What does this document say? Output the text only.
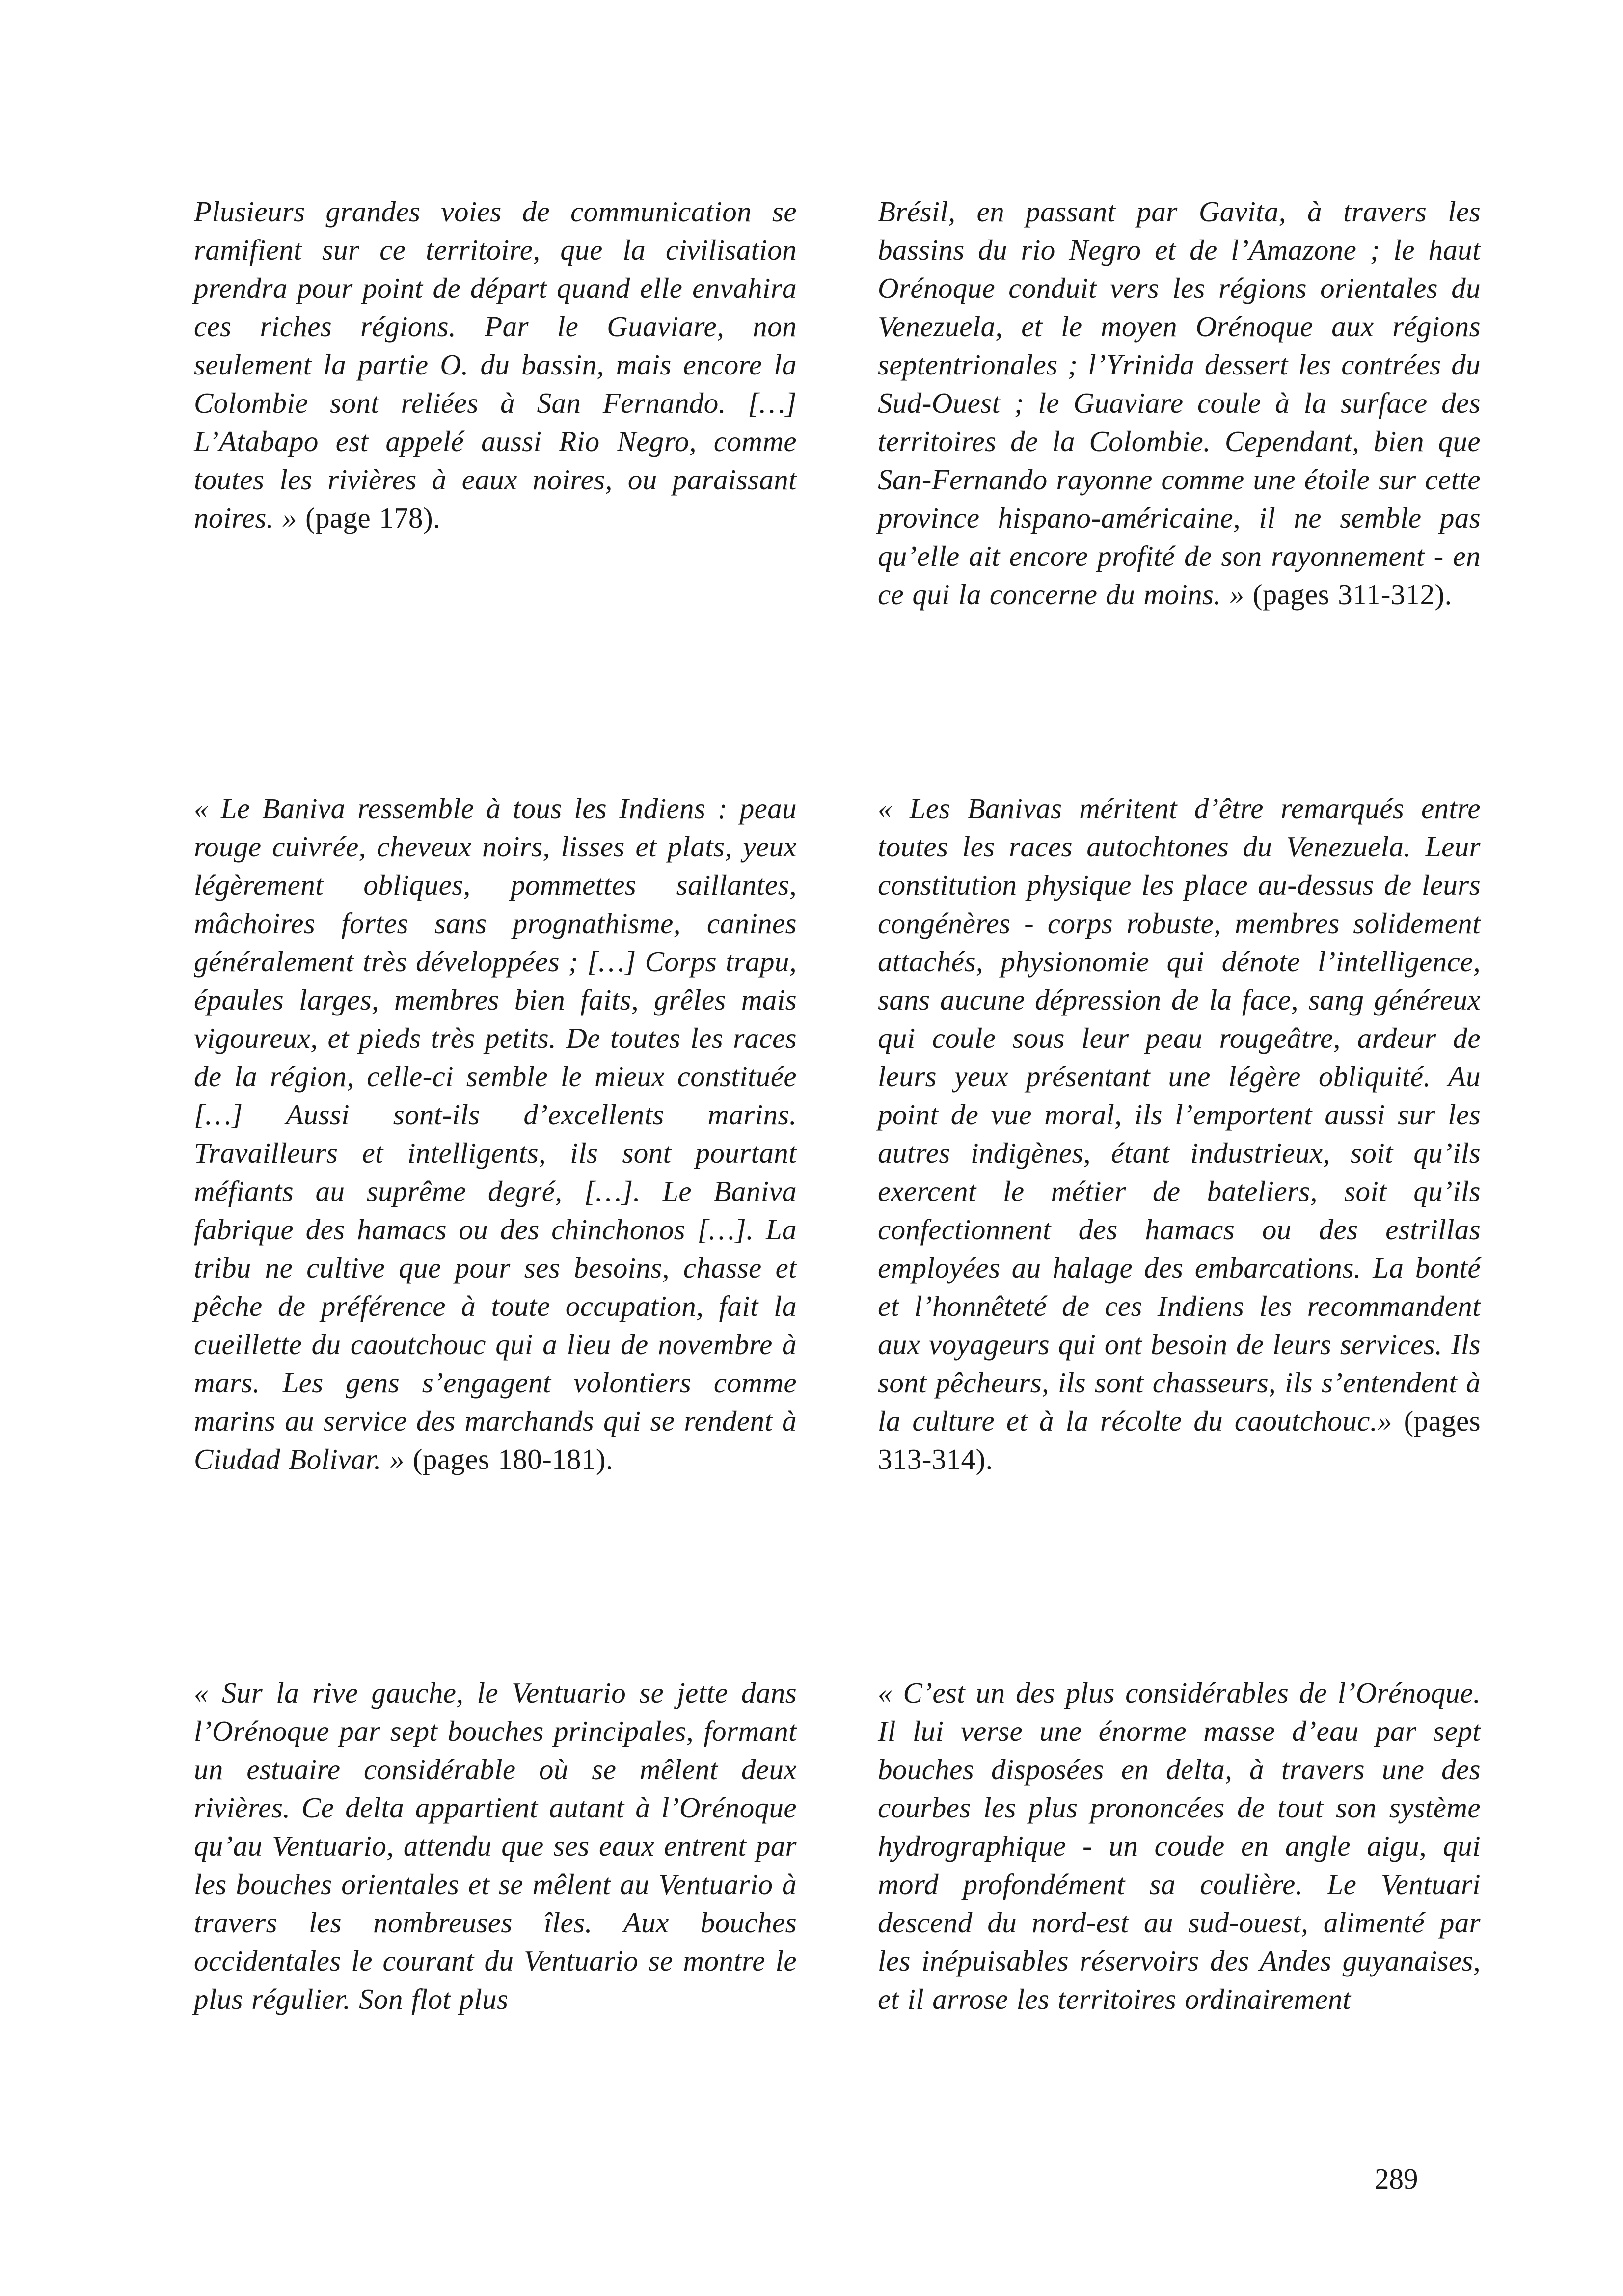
Plusieurs grandes voies de communication se ramifient sur ce territoire, que la civilisation prendra pour point de départ quand elle envahira ces riches régions. Par le Guaviare, non seulement la partie O. du bassin, mais encore la Colombie sont reliées à San Fernando. […] L’Atabapo est appelé aussi Rio Negro, comme toutes les rivières à eaux noires, ou paraissant noires. » (page 178).

Brésil, en passant par Gavita, à travers les bassins du rio Negro et de l’Amazone ; le haut Orénoque conduit vers les régions orientales du Venezuela, et le moyen Orénoque aux régions septentrionales ; l’Yrinida dessert les contrées du Sud-Ouest ; le Guaviare coule à la surface des territoires de la Colombie. Cependant, bien que San-Fernando rayonne comme une étoile sur cette province hispano-américaine, il ne semble pas qu’elle ait encore profité de son rayonnement - en ce qui la concerne du moins. » (pages 311-312).

« Le Baniva ressemble à tous les Indiens : peau rouge cuivrée, cheveux noirs, lisses et plats, yeux légèrement obliques, pommettes saillantes, mâchoires fortes sans prognathisme, canines généralement très développées ; […] Corps trapu, épaules larges, membres bien faits, grêles mais vigoureux, et pieds très petits. De toutes les races de la région, celle-ci semble le mieux constituée […] Aussi sont-ils d’excellents marins. Travailleurs et intelligents, ils sont pourtant méfiants au suprême degré, […]. Le Baniva fabrique des hamacs ou des chinchonos […]. La tribu ne cultive que pour ses besoins, chasse et pêche de préférence à toute occupation, fait la cueillette du caoutchouc qui a lieu de novembre à mars. Les gens s’engagent volontiers comme marins au service des marchands qui se rendent à Ciudad Bolivar. » (pages 180-181).

« Les Banivas méritent d’être remarqués entre toutes les races autochtones du Venezuela. Leur constitution physique les place au-dessus de leurs congénères - corps robuste, membres solidement attachés, physionomie qui dénote l’intelligence, sans aucune dépression de la face, sang généreux qui coule sous leur peau rougeâtre, ardeur de leurs yeux présentant une légère obliquité. Au point de vue moral, ils l’emportent aussi sur les autres indigènes, étant industrieux, soit qu’ils exercent le métier de bateliers, soit qu’ils confectionnent des hamacs ou des estrillas employées au halage des embarcations. La bonté et l’honnêteté de ces Indiens les recommandent aux voyageurs qui ont besoin de leurs services. Ils sont pêcheurs, ils sont chasseurs, ils s’entendent à la culture et à la récolte du caoutchouc.» (pages 313-314).

« Sur la rive gauche, le Ventuario se jette dans l’Orénoque par sept bouches principales, formant un estuaire considérable où se mêlent deux rivières. Ce delta appartient autant à l’Orénoque qu’au Ventuario, attendu que ses eaux entrent par les bouches orientales et se mêlent au Ventuario à travers les nombreuses îles. Aux bouches occidentales le courant du Ventuario se montre le plus régulier. Son flot plus

« C’est un des plus considérables de l’Orénoque. Il lui verse une énorme masse d’eau par sept bouches disposées en delta, à travers une des courbes les plus prononcées de tout son système hydrographique - un coude en angle aigu, qui mord profondément sa coulière. Le Ventuari descend du nord-est au sud-ouest, alimenté par les inépuisables réservoirs des Andes guyanaises, et il arrose les territoires ordinairement

289
